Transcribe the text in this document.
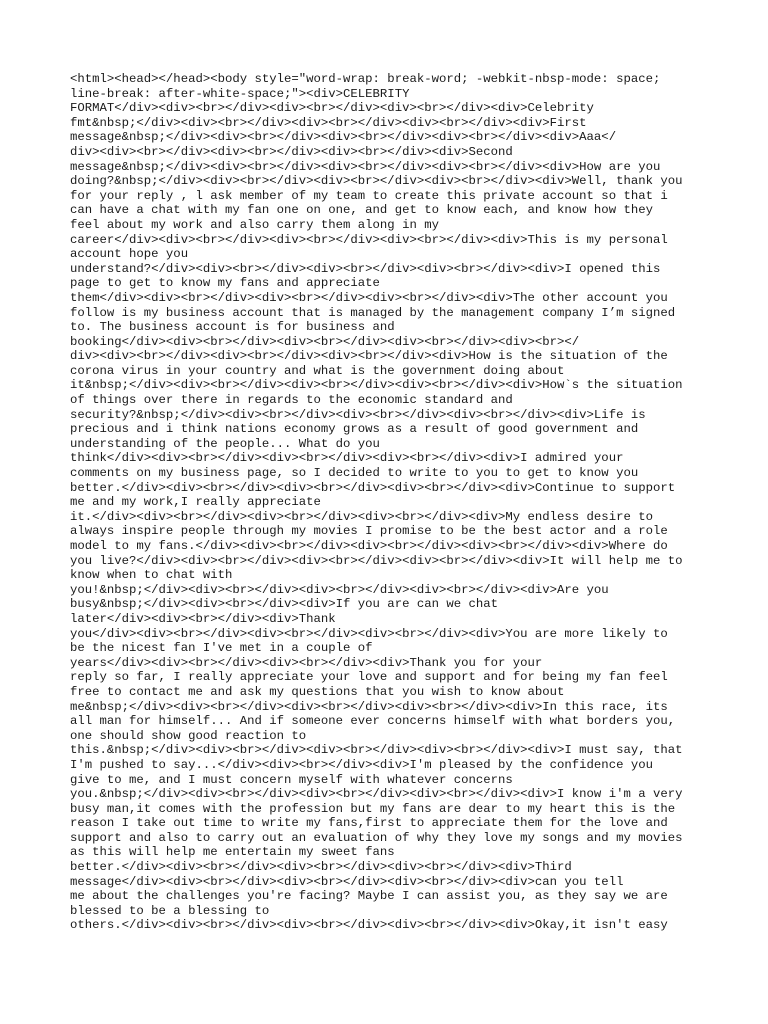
<html><head></head><body style="word-wrap: break-word; -webkit-nbsp-mode: space;
line-break: after-white-space;"><div>CELEBRITY
FORMAT</div><div><br></div><div><br></div><div><br></div><div>Celebrity
fmt&nbsp;</div><div><br></div><div><br></div><div><br></div><div>First
message&nbsp;</div><div><br></div><div><br></div><div><br></div><div>Aaa</
div><div><br></div><div><br></div><div><br></div><div>Second
message&nbsp;</div><div><br></div><div><br></div><div><br></div><div>How are you
doing?&nbsp;</div><div><br></div><div><br></div><div><br></div><div>Well, thank you
for your reply , l ask member of my team to create this private account so that i
can have a chat with my fan one on one, and get to know each, and know how they
feel about my work and also carry them along in my
career</div><div><br></div><div><br></div><div><br></div><div>This is my personal
account hope you
understand?</div><div><br></div><div><br></div><div><br></div><div>I opened this
page to get to know my fans and appreciate
them</div><div><br></div><div><br></div><div><br></div><div>The other account you
follow is my business account that is managed by the management company I’m signed
to. The business account is for business and
booking</div><div><br></div><div><br></div><div><br></div><div><br></
div><div><br></div><div><br></div><div><br></div><div>How is the situation of the
corona virus in your country and what is the government doing about
it&nbsp;</div><div><br></div><div><br></div><div><br></div><div>How`s the situation
of things over there in regards to the economic standard and
security?&nbsp;</div><div><br></div><div><br></div><div><br></div><div>Life is
precious and i think nations economy grows as a result of good government and
understanding of the people... What do you
think</div><div><br></div><div><br></div><div><br></div><div>I admired your
comments on my business page, so I decided to write to you to get to know you
better.</div><div><br></div><div><br></div><div><br></div><div>Continue to support
me and my work,I really appreciate
it.</div><div><br></div><div><br></div><div><br></div><div>My endless desire to
always inspire people through my movies I promise to be the best actor and a role
model to my fans.</div><div><br></div><div><br></div><div><br></div><div>Where do
you live?</div><div><br></div><div><br></div><div><br></div><div>It will help me to
know when to chat with
you!&nbsp;</div><div><br></div><div><br></div><div><br></div><div>Are you
busy&nbsp;</div><div><br></div><div>If you are can we chat
later</div><div><br></div><div>Thank
you</div><div><br></div><div><br></div><div><br></div><div>You are more likely to
be the nicest fan I've met in a couple of
years</div><div><br></div><div><br></div><div>Thank you for your
reply so far, I really appreciate your love and support and for being my fan feel
free to contact me and ask my questions that you wish to know about
me&nbsp;</div><div><br></div><div><br></div><div><br></div><div>In this race, its
all man for himself... And if someone ever concerns himself with what borders you,
one should show good reaction to
this.&nbsp;</div><div><br></div><div><br></div><div><br></div><div>I must say, that
I'm pushed to say...</div><div><br></div><div>I'm pleased by the confidence you
give to me, and I must concern myself with whatever concerns
you.&nbsp;</div><div><br></div><div><br></div><div><br></div><div>I know i'm a very
busy man,it comes with the profession but my fans are dear to my heart this is the
reason I take out time to write my fans,first to appreciate them for the love and
support and also to carry out an evaluation of why they love my songs and my movies
as this will help me entertain my sweet fans
better.</div><div><br></div><div><br></div><div><br></div><div>Third
message</div><div><br></div><div><br></div><div><br></div><div>can you tell
me about the challenges you're facing? Maybe I can assist you, as they say we are
blessed to be a blessing to
others.</div><div><br></div><div><br></div><div><br></div><div>Okay,it isn't easy
